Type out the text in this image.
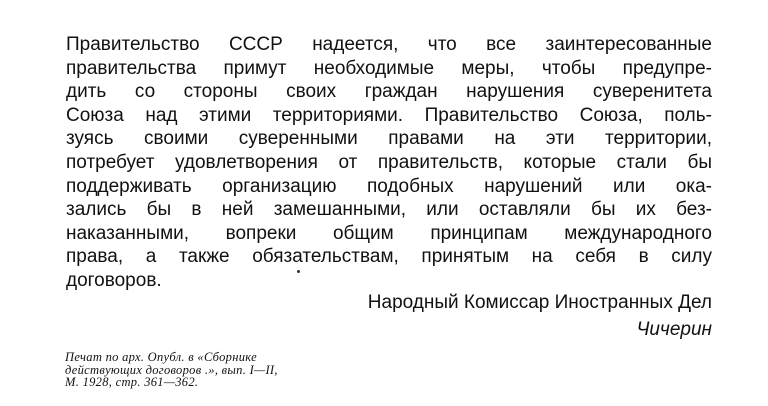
Правительство СССР надеется, что все заинтересованные
правительства примут необходимые меры, чтобы предупре-
дить со стороны своих граждан нарушения суверенитета
Союза над этими территориями. Правительство Союза, поль-
зуясь своими суверенными правами на эти территории,
потребует удовлетворения от правительств, которые стали бы
поддерживать организацию подобных нарушений или ока-
зались бы в ней замешанными, или оставляли бы их без-
наказанными, вопреки общим принципам международного
права, а также обязательствам, принятым на себя в силу
договоров.
Народный Комиссар Иностранных Дел
Чичерин
Печат по арх. Опубл. в «Сборнике
действующих договоров .», вып. I—II,
М. 1928, стр. 361—362.
